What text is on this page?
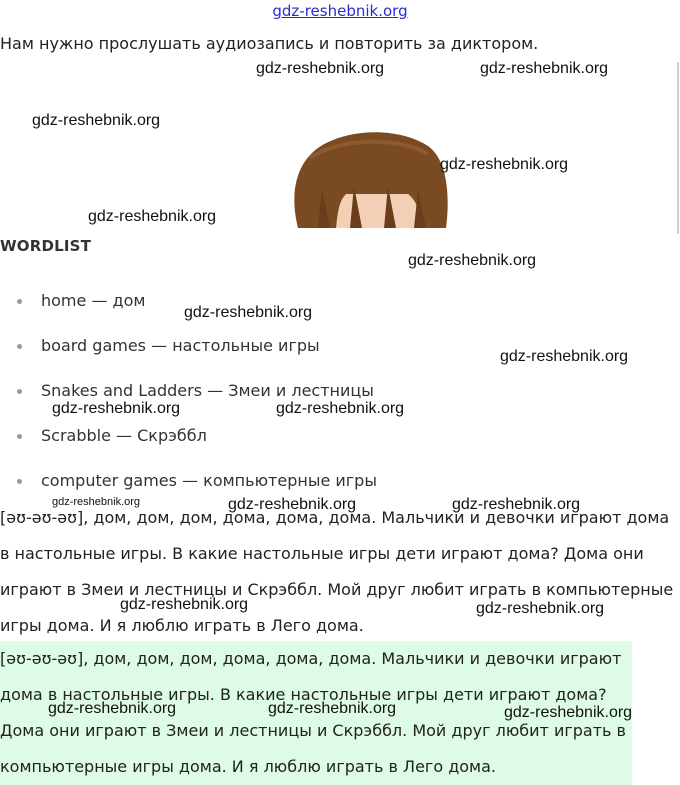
gdz-reshebnik.org
Нам нужно прослушать аудиозапись и повторить за диктором.
WORDLIST
home — дом
board games — настольные игры
Snakes and Ladders — Змеи и лестницы
Scrabble — Скрэббл
computer games — компьютерные игры

[əʊ-əʊ-əʊ], дом, дом, дом, дома, дома, дома. Мальчики и девочки играют дома в настольные игры. В какие настольные игры дети играют дома? Дома они играют в Змеи и лестницы и Скрэббл. Мой друг любит играть в компьютерные игры дома. И я люблю играть в Лего дома.

[əʊ-əʊ-əʊ], дом, дом, дом, дома, дома, дома. Мальчики и девочки играют дома в настольные игры. В какие настольные игры дети играют дома? Дома они играют в Змеи и лестницы и Скрэббл. Мой друг любит играть в компьютерные игры дома. И я люблю играть в Лего дома.

gdz-reshebnik.org	gdz-reshebnik.org
gdz-reshebnik.org
gdz-reshebnik.org
gdz-reshebnik.org
gdz-reshebnik.org
gdz-reshebnik.org
gdz-reshebnik.org
gdz-reshebnik.org	gdz-reshebnik.org
gdz-reshebnik.org	gdz-reshebnik.org	gdz-reshebnik.org
gdz-reshebnik.org	gdz-reshebnik.org
gdz-reshebnik.org	gdz-reshebnik.org	gdz-reshebnik.org
